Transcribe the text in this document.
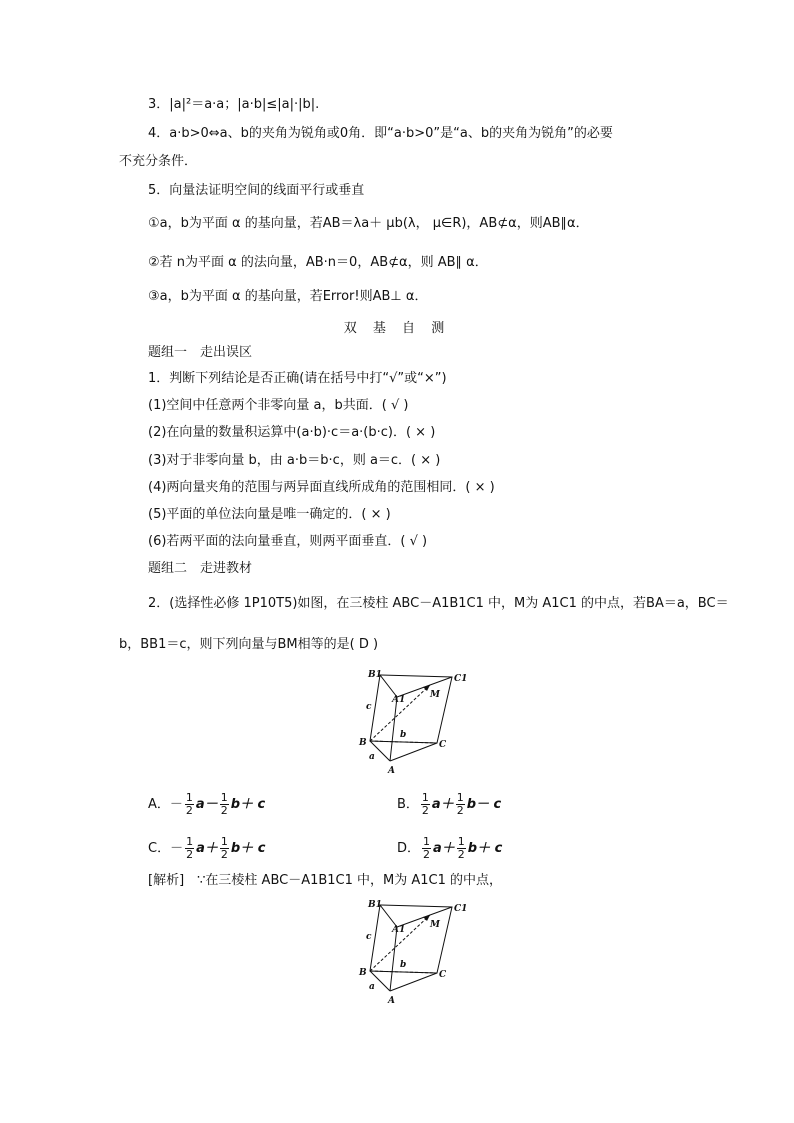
3．|a|²＝a·a；|a·b|≤|a|·|b|.
4．a·b>0⇔a、b的夹角为锐角或0角．即“a·b>0”是“a、b的夹角为锐角”的必要
不充分条件．
5．向量法证明空间的线面平行或垂直
①a，b为平面 α 的基向量，若AB＝λa＋ μb(λ， μ∈R)，AB⊄α，则AB∥α．
②若 n为平面 α 的法向量，AB·n＝0，AB⊄α，则 AB∥ α．
③a，b为平面 α 的基向量，若Error!则AB⊥ α．
双 基 自 测
题组一　走出误区
1．判断下列结论是否正确(请在括号中打“√”或“×”)
(1)空间中任意两个非零向量 a，b共面．( √ )
(2)在向量的数量积运算中(a·b)·c＝a·(b·c)．( × )
(3)对于非零向量 b，由 a·b＝b·c，则 a＝c．( × )
(4)两向量夹角的范围与两异面直线所成角的范围相同．( × )
(5)平面的单位法向量是唯一确定的．( × )
(6)若两平面的法向量垂直，则两平面垂直．( √ )
题组二　走进教材
2．(选择性必修 1P10T5)如图，在三棱柱 ABC－A1B1C1 中，M为 A1C1 的中点，若BA＝a，BC＝
b，BB1＝c，则下列向量与BM相等的是( D )
B1	C1
A1	M
c
b
B	C
a
A
A．－ $\frac{1}{2} a- \frac{1}{2} b+ c$	B． $\frac{1}{2} a+ \frac{1}{2} b- c$
C．－ $\frac{1}{2} a+ \frac{1}{2} b+ c$	D． $\frac{1}{2} a+ \frac{1}{2} b+ c$
[解析]　∵在三棱柱 ABC－A1B1C1 中，M为 A1C1 的中点，
B1	C1
A1	M
c
b
B	C
a
A
